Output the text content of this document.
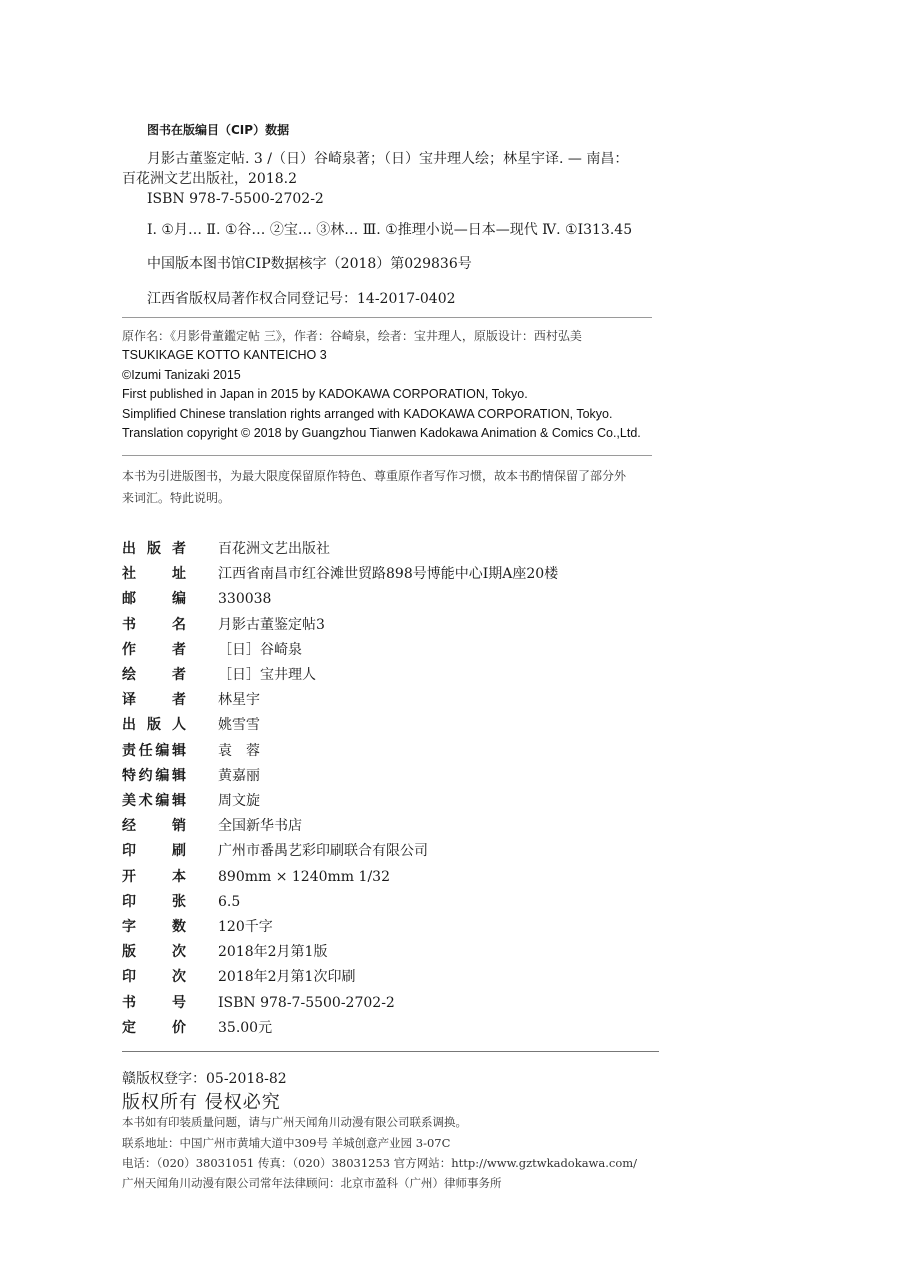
图书在版编目（CIP）数据
月影古董鉴定帖. 3 /（日）谷崎泉著；（日）宝井理人绘；林星宇译. — 南昌：
百花洲文艺出版社，2018.2
ISBN 978-7-5500-2702-2
Ⅰ. ①月… Ⅱ. ①谷… ②宝… ③林… Ⅲ. ①推理小说—日本—现代 Ⅳ. ①I313.45
中国版本图书馆CIP数据核字（2018）第029836号
江西省版权局著作权合同登记号：14-2017-0402
原作名：《月影骨董鑑定帖 三》，作者：谷崎泉，绘者：宝井理人，原版设计：西村弘美
TSUKIKAGE KOTTO KANTEICHO 3
©Izumi Tanizaki 2015
First published in Japan in 2015 by KADOKAWA CORPORATION, Tokyo.
Simplified Chinese translation rights arranged with KADOKAWA CORPORATION, Tokyo.
Translation copyright © 2018 by Guangzhou Tianwen Kadokawa Animation & Comics Co.,Ltd.
本书为引进版图书，为最大限度保留原作特色、尊重原作者写作习惯，故本书酌情保留了部分外
来词汇。特此说明。
出 版 者 百花洲文艺出版社
社	址 江西省南昌市红谷滩世贸路898号博能中心Ⅰ期A座20楼
邮	编 330038
书	名 月影古董鉴定帖3
作	者 ［日］谷崎泉
绘	者 ［日］宝井理人
译	者 林星宇
出 版 人 姚雪雪
责 任 编 辑 袁　蓉
特 约 编 辑 黄嘉丽
美 术 编 辑 周文旋
经	销 全国新华书店
印	刷 广州市番禺艺彩印刷联合有限公司
开	本 890mm × 1240mm 1/32
印	张 6.5
字	数 120千字
版	次 2018年2月第1版
印	次 2018年2月第1次印刷
书	号 ISBN 978-7-5500-2702-2
定	价 35.00元
赣版权登字：05-2018-82
版权所有 侵权必究
本书如有印装质量问题，请与广州天闻角川动漫有限公司联系调换。
联系地址：中国广州市黄埔大道中309号 羊城创意产业园 3-07C
电话：（020）38031051 传真：（020）38031253 官方网站：http://www.gztwkadokawa.com/
广州天闻角川动漫有限公司常年法律顾问：北京市盈科（广州）律师事务所
